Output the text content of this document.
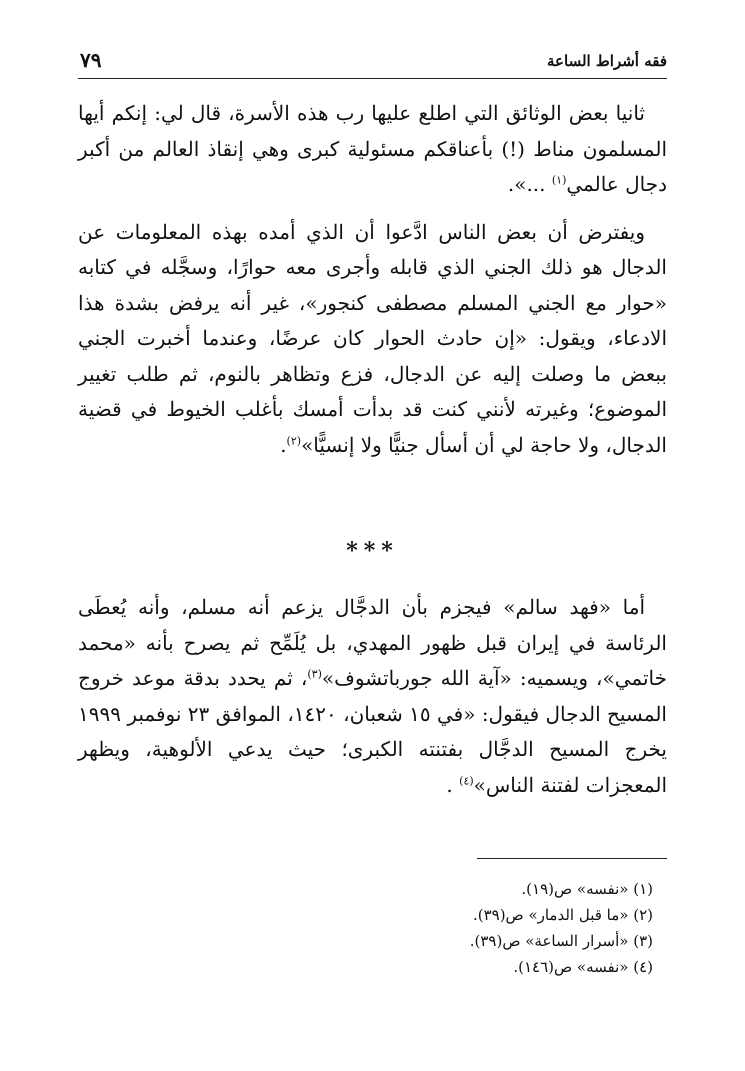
فقه أشراط الساعة
٧٩

ثانيا بعض الوثائق التي اطلع عليها رب هذه الأسرة، قال لي: إنكم أيها المسلمون مناط (!) بأعناقكم مسئولية كبرى وهي إنقاذ العالم من أكبر دجال عالمي$^{(١)}$ ...».

ويفترض أن بعض الناس ادَّعوا أن الذي أمده بهذه المعلومات عن الدجال هو ذلك الجني الذي قابله وأجرى معه حوارًا، وسجَّله في كتابه «حوار مع الجني المسلم مصطفى كنجور»، غير أنه يرفض بشدة هذا الادعاء، ويقول: «إن حادث الحوار كان عرضًا، وعندما أخبرت الجني ببعض ما وصلت إليه عن الدجال، فزع وتظاهر بالنوم، ثم طلب تغيير الموضوع؛ وغيرته لأنني كنت قد بدأت أمسك بأغلب الخيوط في قضية الدجال، ولا حاجة لي أن أسأل جنيًّا ولا إنسيًّا»$^{(٢)}$.

***

أما «فهد سالم» فيجزم بأن الدجَّال يزعم أنه مسلم، وأنه يُعطَى الرئاسة في إيران قبل ظهور المهدي، بل يُلَمِّح ثم يصرح بأنه «محمد خاتمي»، ويسميه: «آية الله جورباتشوف»$^{(٣)}$، ثم يحدد بدقة موعد خروج المسيح الدجال فيقول: «في ١٥ شعبان، ١٤٢٠، الموافق ٢٣ نوفمبر ١٩٩٩ يخرج المسيح الدجَّال بفتنته الكبرى؛ حيث يدعي الألوهية، ويظهر المعجزات لفتنة الناس»$^{(٤)}$ .

(١) «نفسه» ص(١٩).
(٢) «ما قبل الدمار» ص(٣٩).
(٣) «أسرار الساعة» ص(٣٩).
(٤) «نفسه» ص(١٤٦).
